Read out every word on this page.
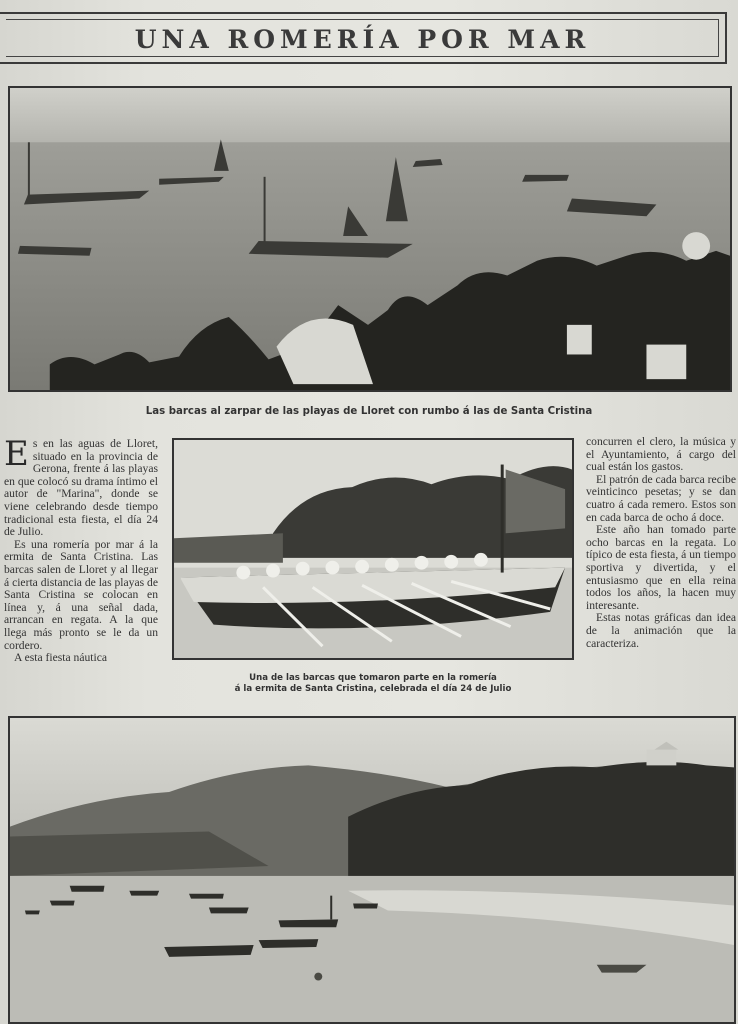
UNA ROMERÍA POR MAR
Las barcas al zarpar de las playas de Lloret con rumbo á las de Santa Cristina

Es en las aguas de Lloret, situado en la provincia de Gerona, frente á las playas en que colocó su drama íntimo el autor de "Marina", donde se viene celebrando desde tiempo tradicional esta fiesta, el día 24 de Julio.

Es una romería por mar á la ermita de Santa Cristina. Las barcas salen de Lloret y al llegar á cierta distancia de las playas de Santa Cristina se colocan en línea y, á una señal dada, arrancan en regata. A la que llega más pronto se le da un cordero.

A esta fiesta náutica

Una de las barcas que tomaron parte en la romería
á la ermita de Santa Cristina, celebrada el día 24 de Julio

concurren el clero, la música y el Ayuntamiento, á cargo del cual están los gastos.

El patrón de cada barca recibe veinticinco pesetas; y se dan cuatro á cada remero. Estos son en cada barca de ocho á doce.

Este año han tomado parte ocho barcas en la regata. Lo típico de esta fiesta, á un tiempo sportiva y divertida, y el entusiasmo que en ella reina todos los años, la hacen muy interesante.

Estas notas gráficas dan idea de la animación que la caracteriza.
